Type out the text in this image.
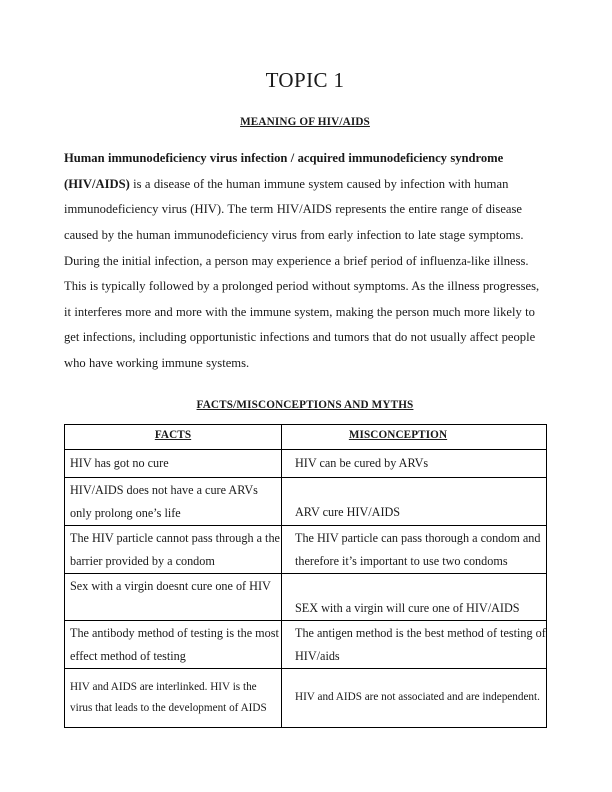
TOPIC 1
MEANING OF HIV/AIDS

Human immunodeficiency virus infection / acquired immunodeficiency syndrome (HIV/AIDS) is a disease of the human immune system caused by infection with human immunodeficiency virus (HIV). The term HIV/AIDS represents the entire range of disease caused by the human immunodeficiency virus from early infection to late stage symptoms. During the initial infection, a person may experience a brief period of influenza-like illness. This is typically followed by a prolonged period without symptoms. As the illness progresses, it interferes more and more with the immune system, making the person much more likely to get infections, including opportunistic infections and tumors that do not usually affect people who have working immune systems.

FACTS/MISCONCEPTIONS AND MYTHS
FACTS	MISCONCEPTION

HIV has got no cure	HIV can be cured by ARVs

HIV/AIDS does not have a cure ARVs only prolong one’s life	ARV cure HIV/AIDS

The HIV particle cannot pass through a the barrier provided by a condom	The HIV particle can pass thorough a condom and therefore it’s important to use two condoms

Sex with a virgin doesnt cure one of HIV	SEX with a virgin will cure one of HIV/AIDS

The antibody method of testing is the most effect method of testing	The antigen method is the best method of testing of HIV/aids

HIV and AIDS are interlinked. HIV is the virus that leads to the development of AIDS	HIV and AIDS are not associated and are independent.
